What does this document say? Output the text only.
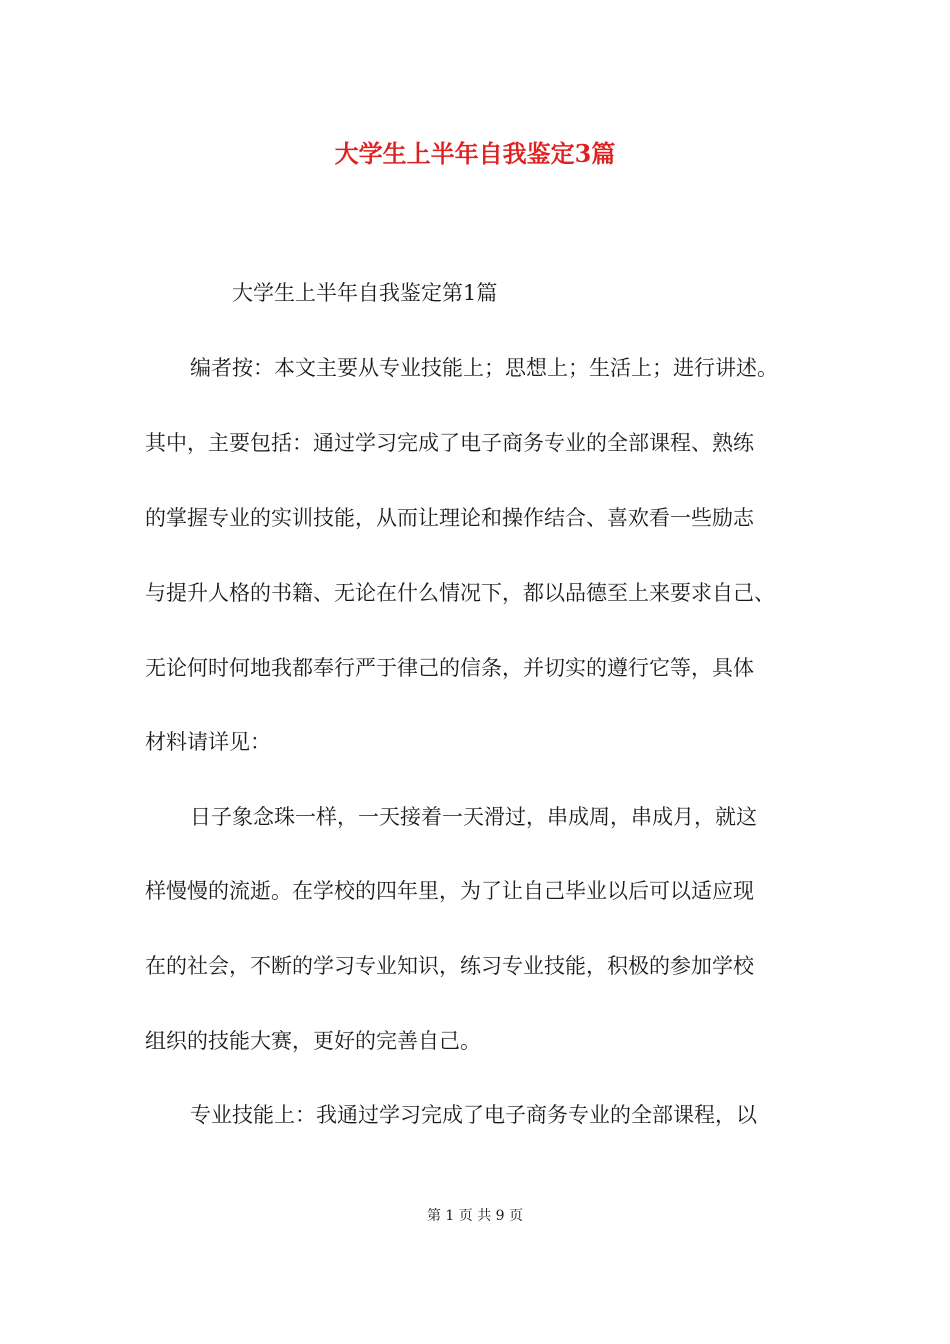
大学生上半年自我鉴定3篇
大学生上半年自我鉴定第1篇
编者按：本文主要从专业技能上；思想上；生活上；进行讲述。
其中，主要包括：通过学习完成了电子商务专业的全部课程、熟练
的掌握专业的实训技能，从而让理论和操作结合、喜欢看一些励志
与提升人格的书籍、无论在什么情况下，都以品德至上来要求自己、
无论何时何地我都奉行严于律己的信条，并切实的遵行它等，具体
材料请详见：
日子象念珠一样，一天接着一天滑过，串成周，串成月，就这
样慢慢的流逝。在学校的四年里，为了让自己毕业以后可以适应现
在的社会，不断的学习专业知识，练习专业技能，积极的参加学校
组织的技能大赛，更好的完善自己。
专业技能上：我通过学习完成了电子商务专业的全部课程，以
第 1 页 共 9 页
